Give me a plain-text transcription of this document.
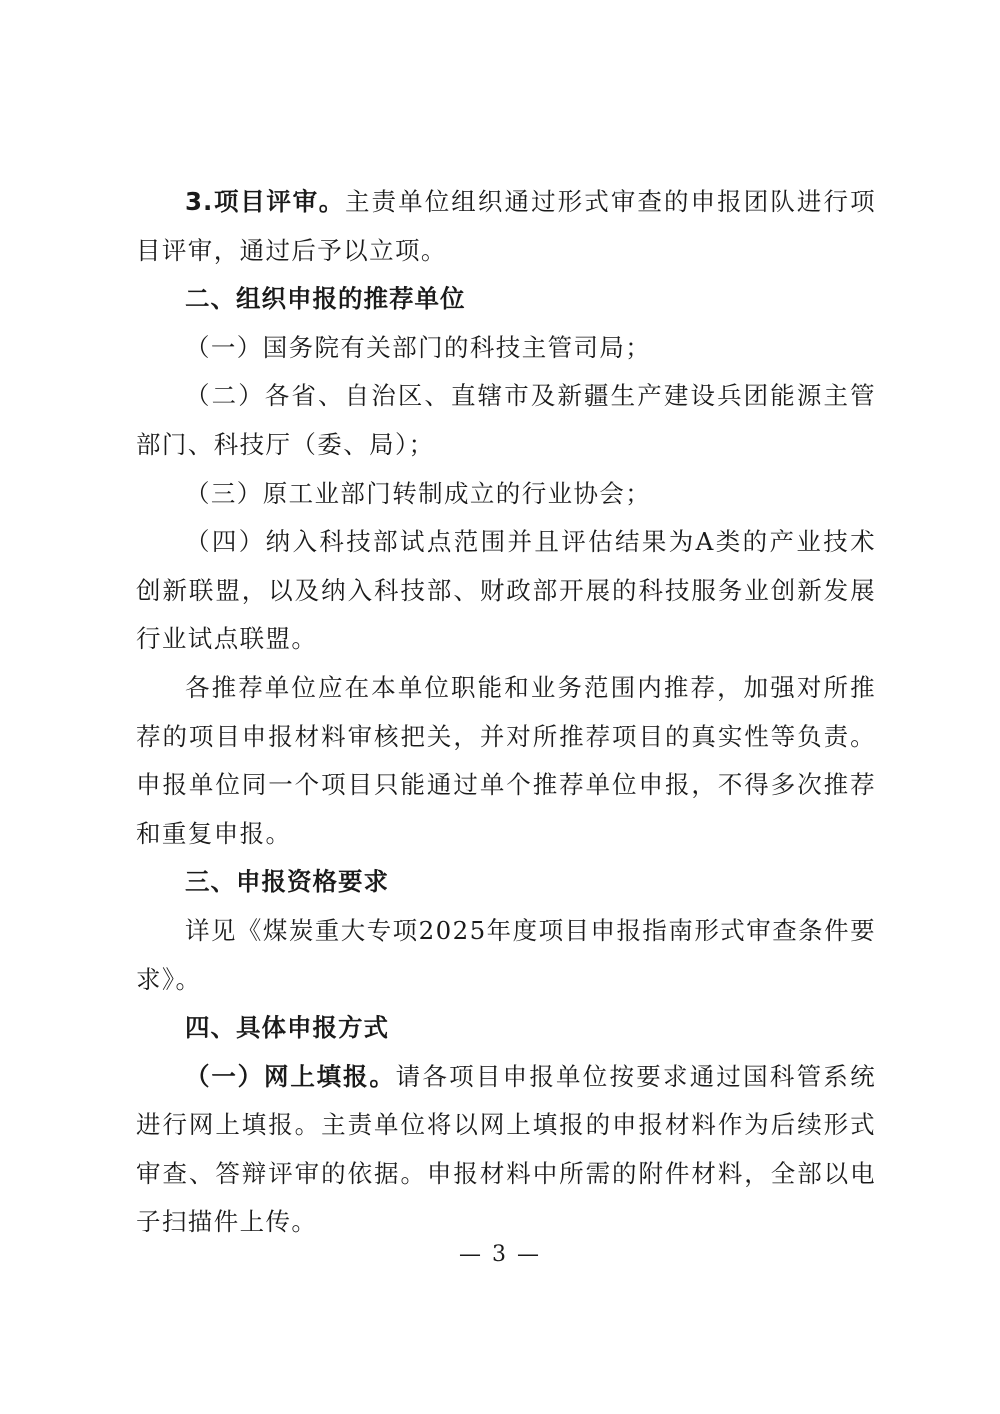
3.项目评审。主责单位组织通过形式审查的申报团队进行项目评审，通过后予以立项。

二、组织申报的推荐单位

（一）国务院有关部门的科技主管司局；

（二）各省、自治区、直辖市及新疆生产建设兵团能源主管部门、科技厅（委、局）；

（三）原工业部门转制成立的行业协会；

（四）纳入科技部试点范围并且评估结果为A类的产业技术创新联盟，以及纳入科技部、财政部开展的科技服务业创新发展行业试点联盟。

各推荐单位应在本单位职能和业务范围内推荐，加强对所推荐的项目申报材料审核把关，并对所推荐项目的真实性等负责。申报单位同一个项目只能通过单个推荐单位申报，不得多次推荐和重复申报。

三、申报资格要求

详见《煤炭重大专项2025年度项目申报指南形式审查条件要求》。

四、具体申报方式

（一）网上填报。请各项目申报单位按要求通过国科管系统进行网上填报。主责单位将以网上填报的申报材料作为后续形式审查、答辩评审的依据。申报材料中所需的附件材料，全部以电子扫描件上传。

— 3 —
